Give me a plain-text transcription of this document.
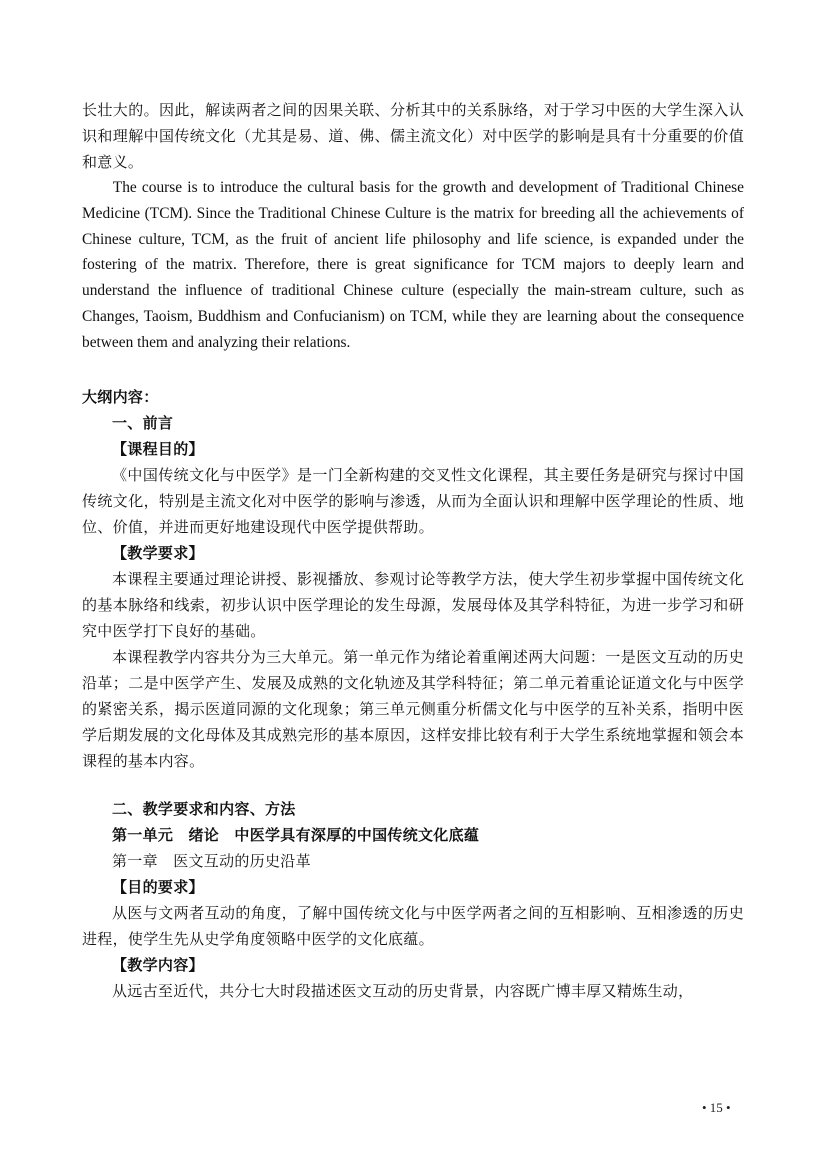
长壮大的。因此，解读两者之间的因果关联、分析其中的关系脉络，对于学习中医的大学生深入认识和理解中国传统文化（尤其是易、道、佛、儒主流文化）对中医学的影响是具有十分重要的价值和意义。

The course is to introduce the cultural basis for the growth and development of Traditional Chinese Medicine (TCM). Since the Traditional Chinese Culture is the matrix for breeding all the achievements of Chinese culture, TCM, as the fruit of ancient life philosophy and life science, is expanded under the fostering of the matrix. Therefore, there is great significance for TCM majors to deeply learn and understand the influence of traditional Chinese culture (especially the main-stream culture, such as Changes, Taoism, Buddhism and Confucianism) on TCM, while they are learning about the consequence between them and analyzing their relations.

大纲内容：

一、前言

【课程目的】

《中国传统文化与中医学》是一门全新构建的交叉性文化课程，其主要任务是研究与探讨中国传统文化，特别是主流文化对中医学的影响与渗透，从而为全面认识和理解中医学理论的性质、地位、价值，并进而更好地建设现代中医学提供帮助。

【教学要求】

本课程主要通过理论讲授、影视播放、参观讨论等教学方法，使大学生初步掌握中国传统文化的基本脉络和线索，初步认识中医学理论的发生母源，发展母体及其学科特征，为进一步学习和研究中医学打下良好的基础。

本课程教学内容共分为三大单元。第一单元作为绪论着重阐述两大问题：一是医文互动的历史沿革；二是中医学产生、发展及成熟的文化轨迹及其学科特征；第二单元着重论证道文化与中医学的紧密关系，揭示医道同源的文化现象；第三单元侧重分析儒文化与中医学的互补关系，指明中医学后期发展的文化母体及其成熟完形的基本原因，这样安排比较有利于大学生系统地掌握和领会本课程的基本内容。

二、教学要求和内容、方法

第一单元　绪论　中医学具有深厚的中国传统文化底蕴

第一章　医文互动的历史沿革

【目的要求】

从医与文两者互动的角度，了解中国传统文化与中医学两者之间的互相影响、互相渗透的历史进程，使学生先从史学角度领略中医学的文化底蕴。

【教学内容】

从远古至近代，共分七大时段描述医文互动的历史背景，内容既广博丰厚又精炼生动，

• 15 •
